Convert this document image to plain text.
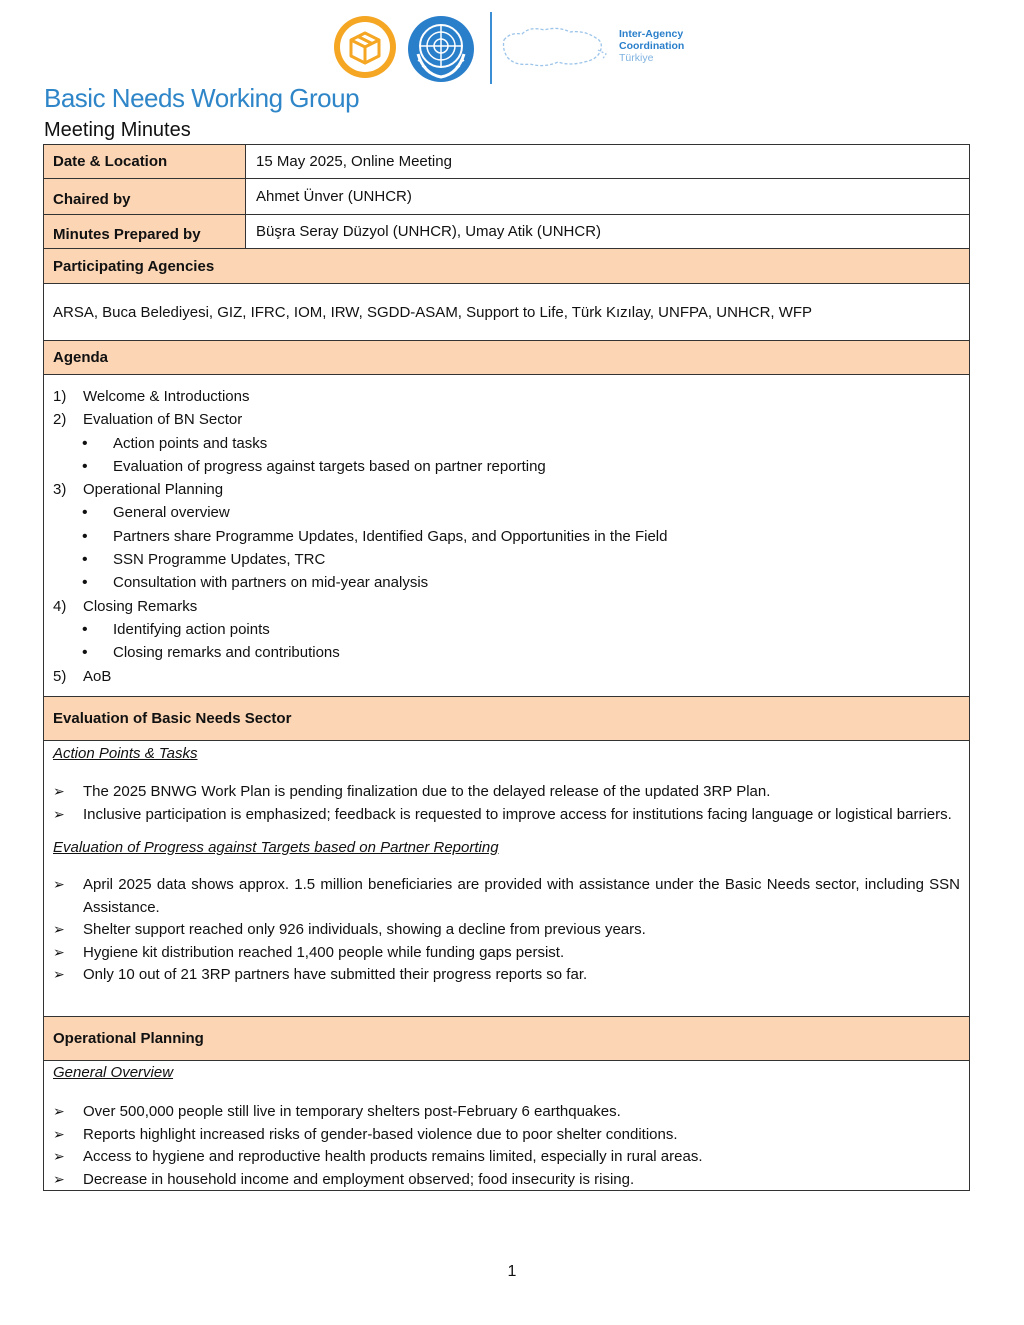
Inter-Agency
Coordination
Türkiye
Basic Needs Working Group
Meeting Minutes
Date & Location	15 May 2025, Online Meeting
Chaired by	Ahmet Ünver (UNHCR)
Minutes Prepared by	Büşra Seray Düzyol (UNHCR), Umay Atik (UNHCR)
Participating Agencies
ARSA, Buca Belediyesi, GIZ, IFRC, IOM, IRW, SGDD-ASAM, Support to Life, Türk Kızılay, UNFPA, UNHCR, WFP
Agenda
1) Welcome & Introductions
2) Evaluation of BN Sector
• Action points and tasks
• Evaluation of progress against targets based on partner reporting
3) Operational Planning
• General overview
• Partners share Programme Updates, Identified Gaps, and Opportunities in the Field
• SSN Programme Updates, TRC
• Consultation with partners on mid-year analysis
4) Closing Remarks
• Identifying action points
• Closing remarks and contributions
5) AoB
Evaluation of Basic Needs Sector
Action Points & Tasks
➢ The 2025 BNWG Work Plan is pending finalization due to the delayed release of the updated 3RP Plan.
➢ Inclusive participation is emphasized; feedback is requested to improve access for institutions facing language or logistical barriers.
Evaluation of Progress against Targets based on Partner Reporting
➢ April 2025 data shows approx. 1.5 million beneficiaries are provided with assistance under the Basic Needs sector, including SSN Assistance.
➢ Shelter support reached only 926 individuals, showing a decline from previous years.
➢ Hygiene kit distribution reached 1,400 people while funding gaps persist.
➢ Only 10 out of 21 3RP partners have submitted their progress reports so far.
Operational Planning
General Overview
➢ Over 500,000 people still live in temporary shelters post-February 6 earthquakes.
➢ Reports highlight increased risks of gender-based violence due to poor shelter conditions.
➢ Access to hygiene and reproductive health products remains limited, especially in rural areas.
➢ Decrease in household income and employment observed; food insecurity is rising.
1
